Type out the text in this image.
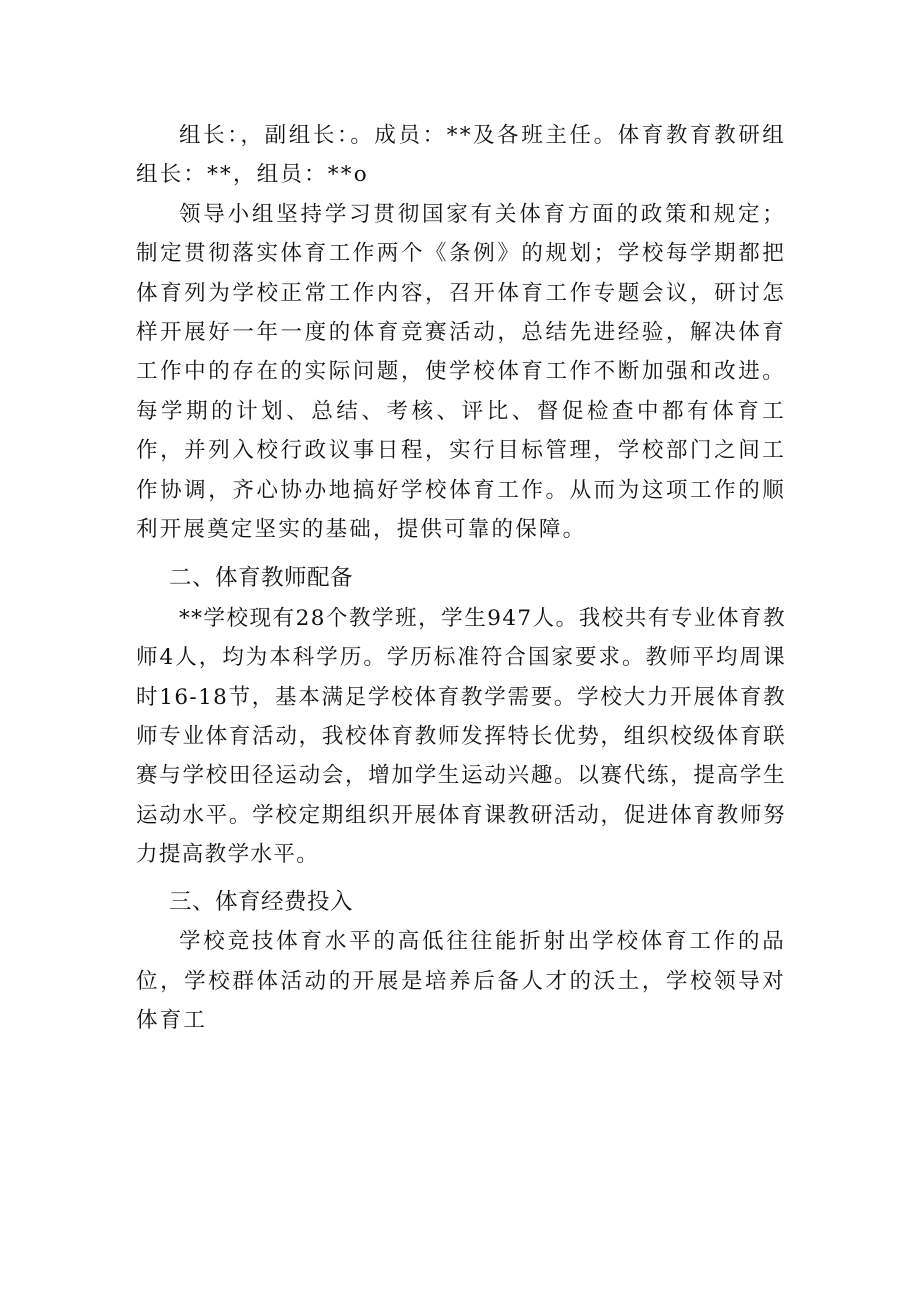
组长：，副组长：。成员：**及各班主任。体育教育教研组组长：**，组员：**o

领导小组坚持学习贯彻国家有关体育方面的政策和规定；制定贯彻落实体育工作两个《条例》的规划；学校每学期都把体育列为学校正常工作内容，召开体育工作专题会议，研讨怎样开展好一年一度的体育竞赛活动，总结先进经验，解决体育工作中的存在的实际问题，使学校体育工作不断加强和改进。每学期的计划、总结、考核、评比、督促检查中都有体育工作，并列入校行政议事日程，实行目标管理，学校部门之间工作协调，齐心协办地搞好学校体育工作。从而为这项工作的顺利开展奠定坚实的基础，提供可靠的保障。

二、体育教师配备

**学校现有28个教学班，学生947人。我校共有专业体育教师4人，均为本科学历。学历标准符合国家要求。教师平均周课时16-18节，基本满足学校体育教学需要。学校大力开展体育教师专业体育活动，我校体育教师发挥特长优势，组织校级体育联赛与学校田径运动会，增加学生运动兴趣。以赛代练，提高学生运动水平。学校定期组织开展体育课教研活动，促进体育教师努力提高教学水平。

三、体育经费投入

学校竞技体育水平的高低往往能折射出学校体育工作的品位，学校群体活动的开展是培养后备人才的沃土，学校领导对体育工
